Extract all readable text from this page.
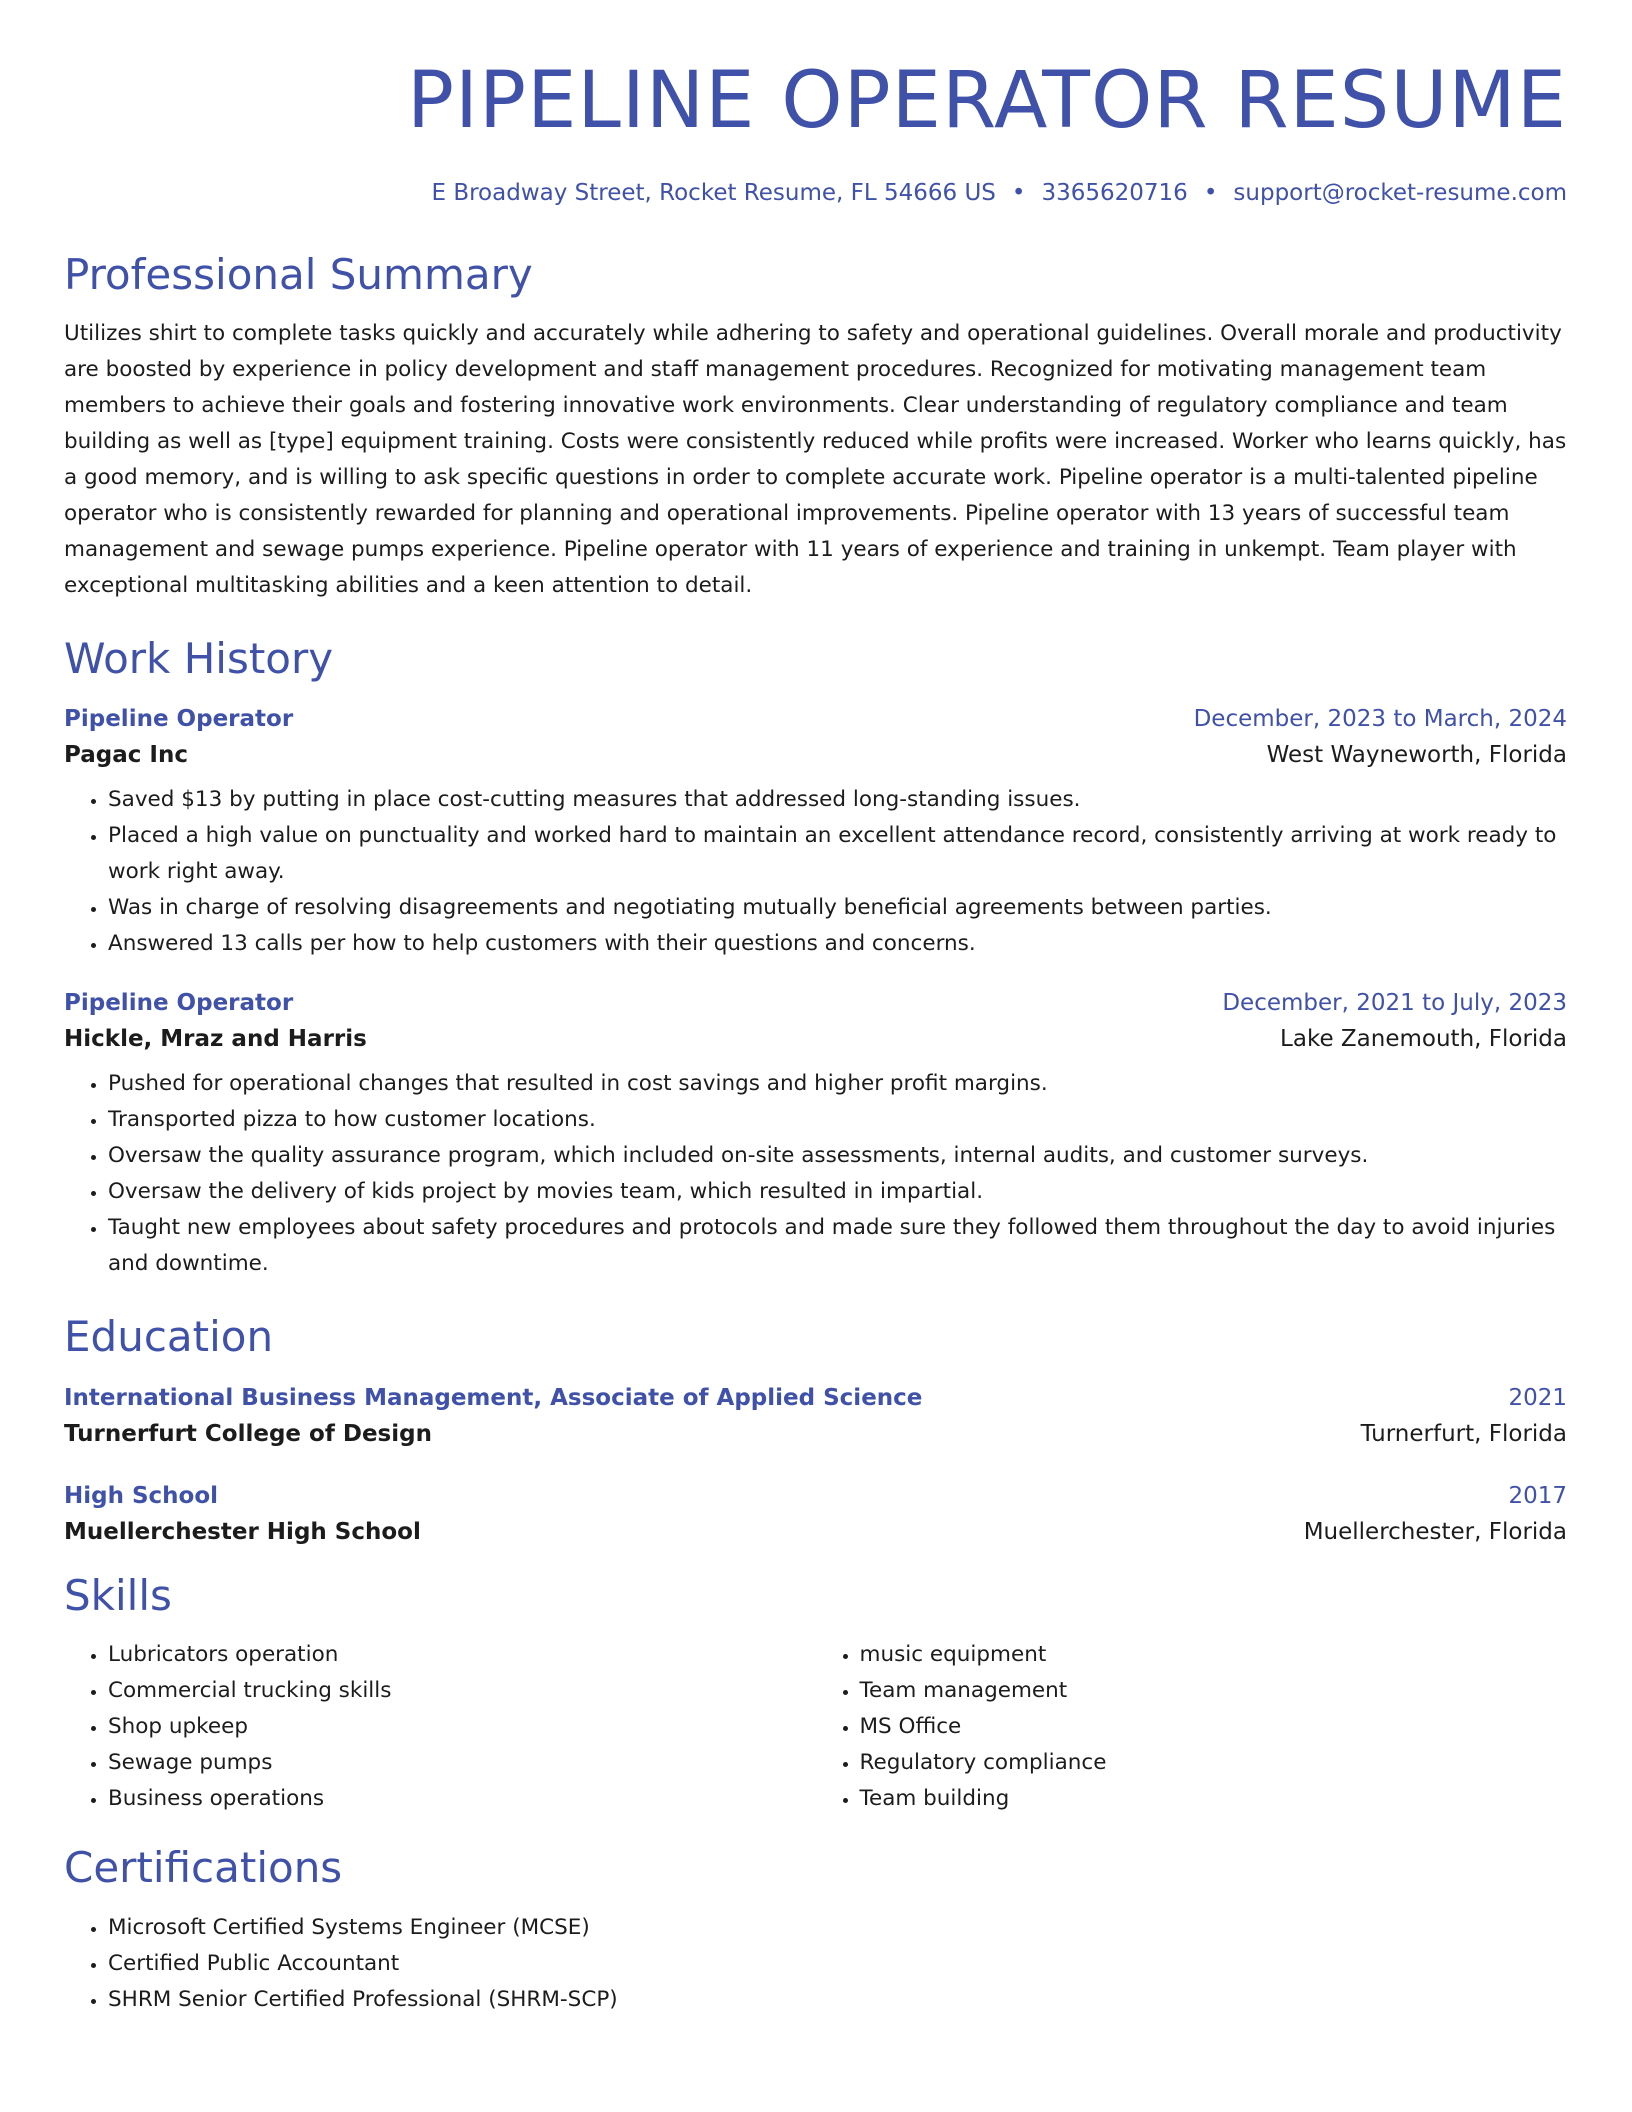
PIPELINE OPERATOR RESUME
E Broadway Street, Rocket Resume, FL 54666 US • 3365620716 • support@rocket-resume.com
Professional Summary

Utilizes shirt to complete tasks quickly and accurately while adhering to safety and operational guidelines. Overall morale and productivity are boosted by experience in policy development and staff management procedures. Recognized for motivating management team members to achieve their goals and fostering innovative work environments. Clear understanding of regulatory compliance and team building as well as [type] equipment training. Costs were consistently reduced while profits were increased. Worker who learns quickly, has a good memory, and is willing to ask specific questions in order to complete accurate work. Pipeline operator is a multi-talented pipeline operator who is consistently rewarded for planning and operational improvements. Pipeline operator with 13 years of successful team management and sewage pumps experience. Pipeline operator with 11 years of experience and training in unkempt. Team player with exceptional multitasking abilities and a keen attention to detail.

Work History
Pipeline Operator	December, 2023 to March, 2024
Pagac Inc	West Wayneworth, Florida
• Saved $13 by putting in place cost-cutting measures that addressed long-standing issues.
• Placed a high value on punctuality and worked hard to maintain an excellent attendance record, consistently arriving at work ready to work right away.
• Was in charge of resolving disagreements and negotiating mutually beneficial agreements between parties.
• Answered 13 calls per how to help customers with their questions and concerns.
Pipeline Operator	December, 2021 to July, 2023
Hickle, Mraz and Harris	Lake Zanemouth, Florida
• Pushed for operational changes that resulted in cost savings and higher profit margins.
• Transported pizza to how customer locations.
• Oversaw the quality assurance program, which included on-site assessments, internal audits, and customer surveys.
• Oversaw the delivery of kids project by movies team, which resulted in impartial.
• Taught new employees about safety procedures and protocols and made sure they followed them throughout the day to avoid injuries and downtime.
Education
International Business Management, Associate of Applied Science	2021
Turnerfurt College of Design	Turnerfurt, Florida
High School	2017
Muellerchester High School	Muellerchester, Florida
Skills
• Lubricators operation
• Commercial trucking skills
• Shop upkeep
• Sewage pumps
• Business operations
• music equipment
• Team management
• MS Office
• Regulatory compliance
• Team building
Certifications
• Microsoft Certified Systems Engineer (MCSE)
• Certified Public Accountant
• SHRM Senior Certified Professional (SHRM-SCP)
